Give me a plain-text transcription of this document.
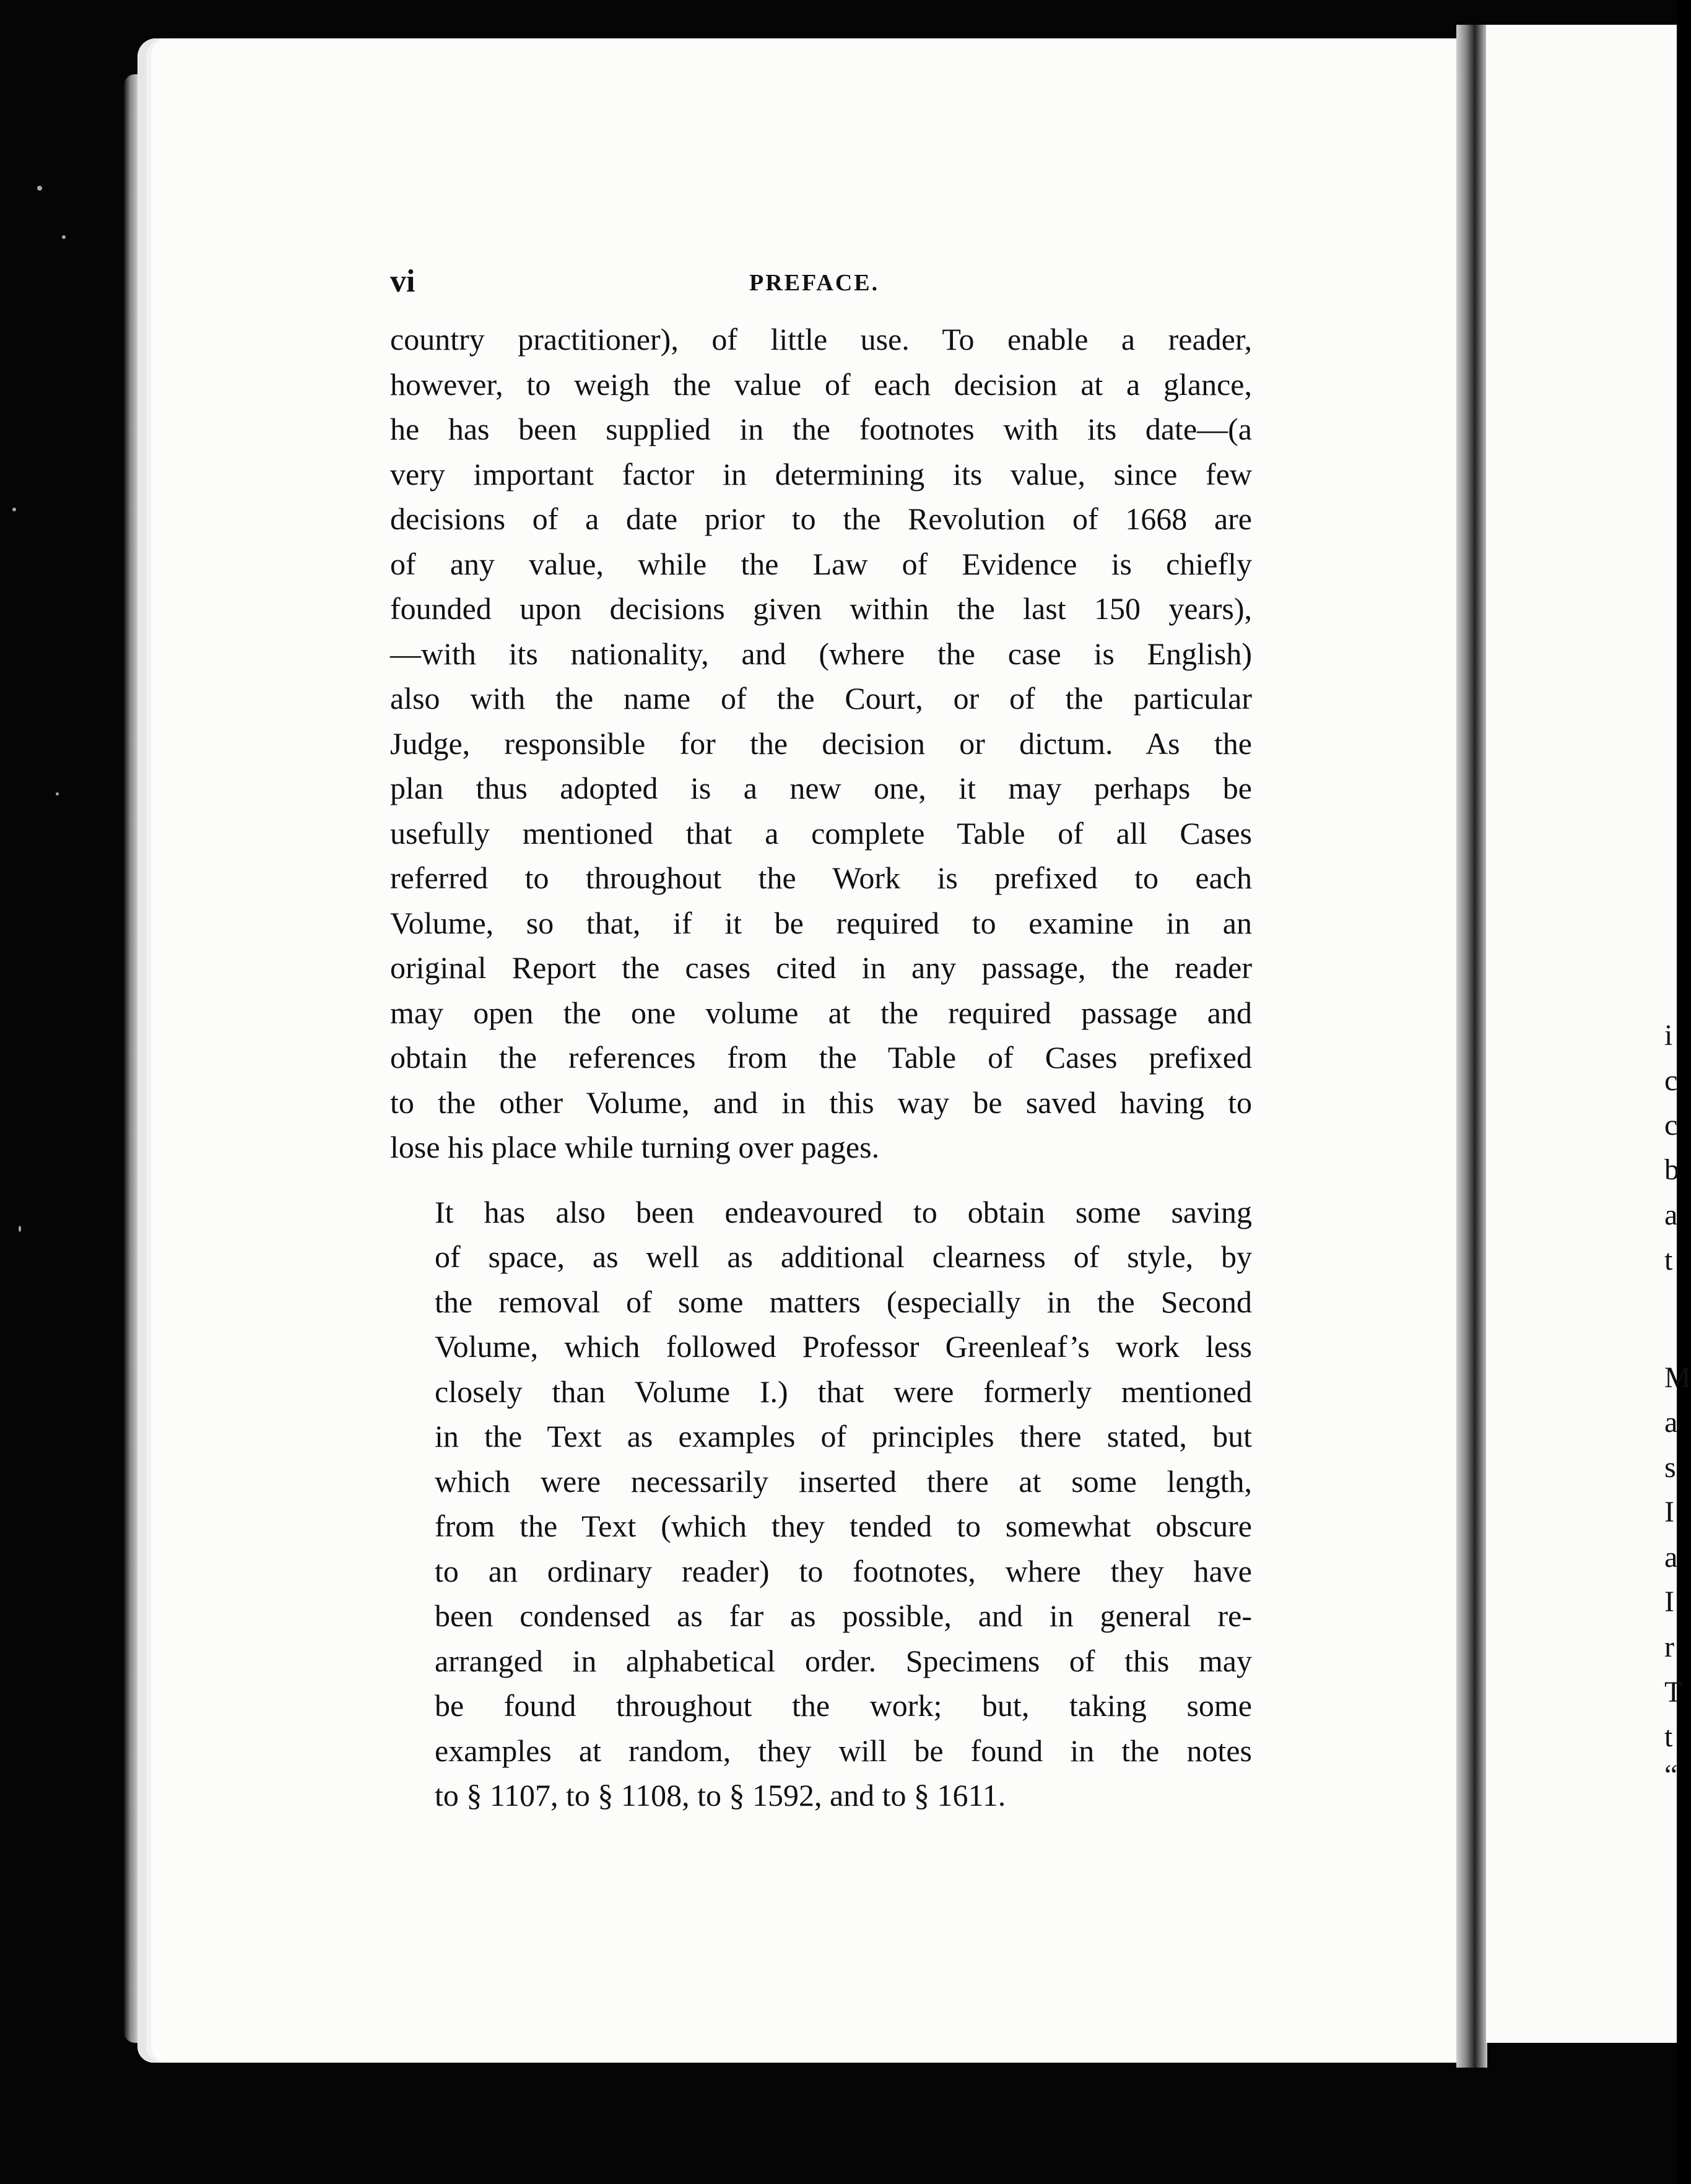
i
c
c
b
a
t
M
a
s
I
a
I
r
T
t
“
vi	PREFACE.
country practitioner), of little use. To enable a reader,
however, to weigh the value of each decision at a glance,
he has been supplied in the footnotes with its date—(a
very important factor in determining its value, since few
decisions of a date prior to the Revolution of 1668 are
of any value, while the Law of Evidence is chiefly
founded upon decisions given within the last 150 years),
—with its nationality, and (where the case is English)
also with the name of the Court, or of the particular
Judge, responsible for the decision or dictum. As the
plan thus adopted is a new one, it may perhaps be
usefully mentioned that a complete Table of all Cases
referred to throughout the Work is prefixed to each
Volume, so that, if it be required to examine in an
original Report the cases cited in any passage, the reader
may open the one volume at the required passage and
obtain the references from the Table of Cases prefixed
to the other Volume, and in this way be saved having to
lose his place while turning over pages.
It has also been endeavoured to obtain some saving
of space, as well as additional clearness of style, by
the removal of some matters (especially in the Second
Volume, which followed Professor Greenleaf’s work less
closely than Volume I.) that were formerly mentioned
in the Text as examples of principles there stated, but
which were necessarily inserted there at some length,
from the Text (which they tended to somewhat obscure
to an ordinary reader) to footnotes, where they have
been condensed as far as possible, and in general re-
arranged in alphabetical order. Specimens of this may
be found throughout the work; but, taking some
examples at random, they will be found in the notes
to § 1107, to § 1108, to § 1592, and to § 1611.
